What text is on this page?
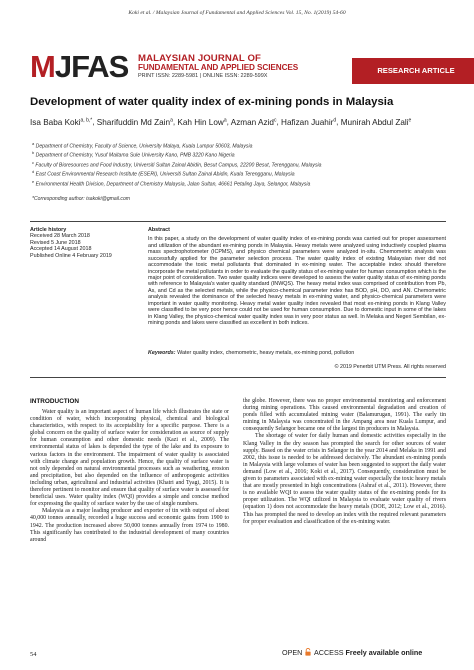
Koki et al. / Malaysian Journal of Fundamental and Applied Sciences Vol. 15, No. 1(2019) 54-60
MJFAS MALAYSIAN JOURNAL OF
FUNDAMENTAL AND APPLIED SCIENCES
PRINT ISSN: 2289-5981 | ONLINE ISSN: 2289-599X
RESEARCH ARTICLE
Development of water quality index of ex-mining ponds in Malaysia
Isa Baba Koki$^{a, b,*}$, Sharifuddin Md Zain$^a$, Kah Hin Low$^a$, Azman Azid$^c$, Hafizan Juahir$^d$, Munirah Abdul Zali$^e$
$^a$ Department of Chemistry, Faculty of Science, University Malaya, Kuala Lumpur 50603, Malaysia
$^b$ Department of Chemistry, Yusuf Maitama Sule University Kano, PMB 3220 Kano Nigeria
$^c$ Faculty of Bioresources and Food Industry, Universiti Sultan Zainal Abidin, Besut Campus, 22200 Besut, Terengganu, Malaysia
$^d$ East Coast Environmental Research Institute (ESERI), Universiti Sultan Zainal Abidin, Kuala Terengganu, Malaysia
$^e$ Environmental Health Division, Department of Chemistry Malaysia, Jalan Sultan, 46661 Petaling Jaya, Selangor, Malaysia
*Corresponding author: isakoki@gmail.com
Article history
Received 28 March 2018
Revised 5 June 2018
Accepted 14 August 2018
Published Online 4 February 2019
Abstract
In this paper, a study on the development of water quality index of ex-mining ponds was carried out for proper assessment and utilization of the abundant ex-mining ponds in Malaysia. Heavy metals were analyzed using inductively coupled plasma mass spectrophotometer (ICPMS), and physico chemical parameters were analyzed in-situ. Chemometric analysis was successfully applied for the parameter selection process. The water quality index of existing Malaysian river did not accommodate the toxic metal pollutants that dominated in ex-mining water. The acceptable index should therefore incorporate the metal pollutants in order to evaluate the quality status of ex-mining water for human consumption which is the major point of consideration. Two water quality indices were developed to assess the water quality status of ex-mining ponds with reference to Malaysia's water quality standard (INWQS). The heavy metal index was comprised of contribution from Pb, As, and Cd as the selected metals, while the physico-chemical parameter index has BOD, pH, DO, and AN. Chemometric analysis revealed the dominance of the selected heavy metals in ex-mining water, and physico-chemical parameters were important in water quality monitoring. Heavy metal water quality index revealed that most ex-mining ponds in Klang Valley were classified to be very poor hence could not be used for human consumption. Due to domestic input in some of the lakes in Klang Valley, the physico-chemical water quality index was in very poor status as well. In Melaka and Negeri Sembilan, ex-mining ponds and lakes were classified as excellent in both indices.
Keywords: Water quality index, chemometric, heavy metals, ex-mining pond, pollution
© 2019 Penerbit UTM Press. All rights reserved
INTRODUCTION

Water quality is an important aspect of human life which illustrates the state or condition of water, which incorporating physical, chemical and biological characteristics, with respect to its acceptability for a specific purpose. There is a global concern on the quality of surface water for consideration as source of supply for human consumption and other domestic needs (Kazi et al., 2009). The environmental status of lakes is depended the type of the lake and its exposure to various factors in the environment. The impairment of water quality is associated with climate change and population growth. Hence, the quality of surface water is not only depended on natural environmental processes such as weathering, erosion and precipitation, but also depended on the influence of anthropogenic activities including urban, agricultural and industrial activities (Khatri and Tyagi, 2015). It is therefore pertinent to monitor and ensure that quality of surface water is assessed for beneficial uses. Water quality index (WQI) provides a simple and concise method for expressing the quality of surface water by the use of single numbers.

Malaysia as a major leading producer and exporter of tin with output of about 40,000 tonnes annually, recorded a huge success and economic gains from 1900 to 1942. The production increased above 50,000 tonnes annually from 1974 to 1980. This significantly has contributed to the industrial development of many countries around

the globe. However, there was no proper environmental monitoring and enforcement during mining operations. This caused environmental degradation and creation of ponds filled with accumulated mining water (Balamurugan, 1991). The early tin mining in Malaysia was concentrated in the Ampang area near Kuala Lumpur, and consequently Selangor became one of the largest tin producers in Malaysia.

The shortage of water for daily human and domestic activities especially in the Klang Valley in the dry season has prompted the search for other sources of water supply. Based on the water crisis in Selangor in the year 2014 and Melaka in 1991 and 2002, this issue is needed to be addressed decisively. The abundant ex-mining ponds in Malaysia with large volumes of water has been suggested to support the daily water demand (Low et al., 2016; Koki et al., 2017). Consequently, consideration must be given to parameters associated with ex-mining water especially the toxic heavy metals that are mostly presented in high concentrations (Ashraf et al., 2011). However, there is no available WQI to assess the water quality status of the ex-mining ponds for its proper utilization. The WQI utilized in Malaysia to evaluate water quality of rivers (equation 1) does not accommodate the heavy metals (DOE, 2012; Low et al., 2016). This has prompted the need to develop an index with the required relevant parameters for proper evaluation and classification of the ex-mining water.

54	OPEN ACCESS Freely available online
